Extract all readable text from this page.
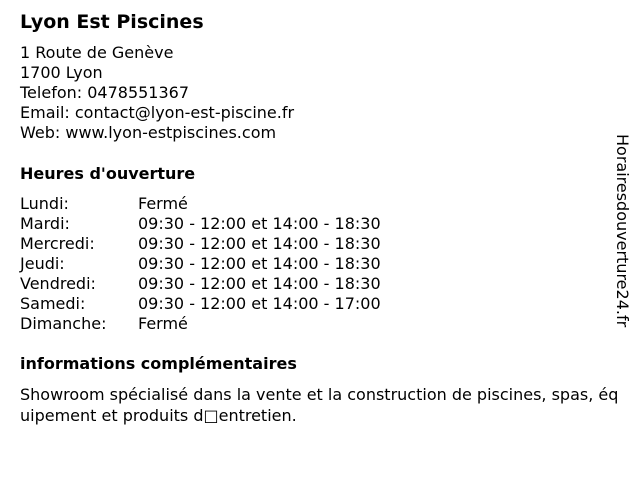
Lyon Est Piscines
1 Route de Genève
1700 Lyon
Telefon: 0478551367
Email: contact@lyon-est-piscine.fr
Web: www.lyon-estpiscines.com
Heures d'ouverture
Lundi:	Fermé
Mardi:	09:30 - 12:00 et 14:00 - 18:30
Mercredi:	09:30 - 12:00 et 14:00 - 18:30
Jeudi:	09:30 - 12:00 et 14:00 - 18:30
Vendredi:	09:30 - 12:00 et 14:00 - 18:30
Samedi:	09:30 - 12:00 et 14:00 - 17:00
Dimanche: Fermé
informations complémentaires
Showroom spécialisé dans la vente et la construction de piscines, spas, équipement et produits d□entretien.
Horairesdouverture24.fr
